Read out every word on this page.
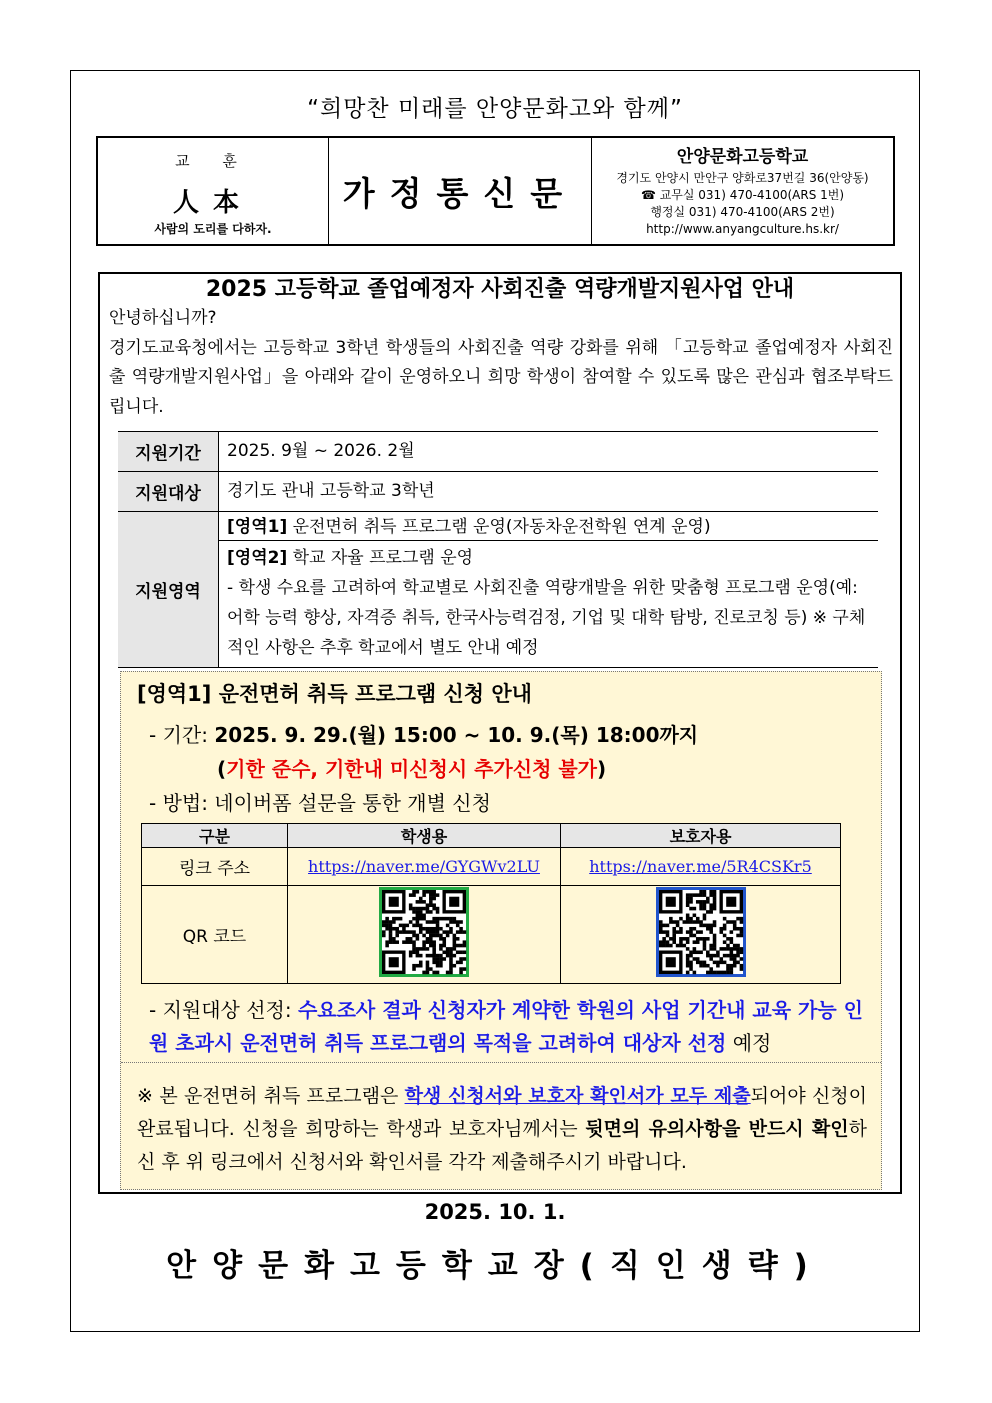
“희망찬 미래를 안양문화고와 함께”
교 훈
人本
사람의 도리를 다하자.
가정통신문
안양문화고등학교
경기도 안양시 만안구 양화로37번길 36(안양동)
☎ 교무실 031) 470-4100(ARS 1번)
행정실 031) 470-4100(ARS 2번)
http://www.anyangculture.hs.kr/
2025 고등학교 졸업예정자 사회진출 역량개발지원사업 안내
안녕하십니까?
경기도교육청에서는 고등학교 3학년 학생들의 사회진출 역량 강화를 위해 「고등학교 졸업예정자 사회진출 역량개발지원사업」을 아래와 같이 운영하오니 희망 학생이 참여할 수 있도록 많은 관심과 협조부탁드립니다.
지원기간	2025. 9월 ~ 2026. 2월
지원대상	경기도 관내 고등학교 3학년
지원영역	[영역1] 운전면허 취득 프로그램 운영(자동차운전학원 연계 운영)
[영역2] 학교 자율 프로그램 운영
- 학생 수요를 고려하여 학교별로 사회진출 역량개발을 위한 맞춤형 프로그램 운영(예: 어학 능력 향상, 자격증 취득, 한국사능력검정, 기업 및 대학 탐방, 진로코칭 등) ※ 구체적인 사항은 추후 학교에서 별도 안내 예정
[영역1] 운전면허 취득 프로그램 신청 안내
- 기간: 2025. 9. 29.(월) 15:00 ~ 10. 9.(목) 18:00까지
(기한 준수, 기한내 미신청시 추가신청 불가)
- 방법: 네이버폼 설문을 통한 개별 신청
구분	학생용	보호자용
링크 주소	https://naver.me/GYGWv2LU	https://naver.me/5R4CSKr5
QR 코드		
- 지원대상 선정: 수요조사 결과 신청자가 계약한 학원의 사업 기간내 교육 가능 인원 초과시 운전면허 취득 프로그램의 목적을 고려하여 대상자 선정 예정
※ 본 운전면허 취득 프로그램은 학생 신청서와 보호자 확인서가 모두 제출되어야 신청이 완료됩니다. 신청을 희망하는 학생과 보호자님께서는 뒷면의 유의사항을 반드시 확인하신 후 위 링크에서 신청서와 확인서를 각각 제출해주시기 바랍니다.
2025. 10. 1.
안양문화고등학교장(직인생략)
